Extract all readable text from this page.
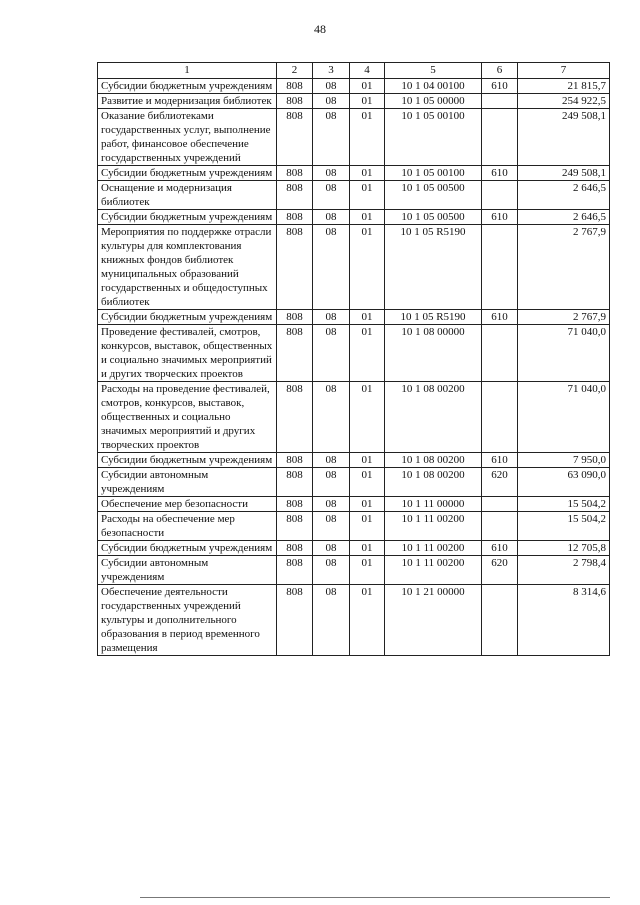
48
1	2	3	4	5	6	7
Субсидии бюджетным учреждениям	808	08	01	10 1 04 00100	610	21 815,7
Развитие и модернизация библиотек	808	08	01	10 1 05 00000		254 922,5
Оказание библиотеками государственных услуг, выполнение работ, финансовое обеспечение государственных учреждений	808	08	01	10 1 05 00100		249 508,1
Субсидии бюджетным учреждениям	808	08	01	10 1 05 00100	610	249 508,1
Оснащение и модернизация библиотек	808	08	01	10 1 05 00500		2 646,5
Субсидии бюджетным учреждениям	808	08	01	10 1 05 00500	610	2 646,5
Мероприятия по поддержке отрасли культуры для комплектования книжных фондов библиотек муниципальных образований государственных и общедоступных библиотек	808	08	01	10 1 05 R5190		2 767,9
Субсидии бюджетным учреждениям	808	08	01	10 1 05 R5190	610	2 767,9
Проведение фестивалей, смотров, конкурсов, выставок, общественных и социально значимых мероприятий и других творческих проектов	808	08	01	10 1 08 00000		71 040,0
Расходы на проведение фестивалей, смотров, конкурсов, выставок, общественных и социально значимых мероприятий и других творческих проектов	808	08	01	10 1 08 00200		71 040,0
Субсидии бюджетным учреждениям	808	08	01	10 1 08 00200	610	7 950,0
Субсидии автономным учреждениям	808	08	01	10 1 08 00200	620	63 090,0
Обеспечение мер безопасности	808	08	01	10 1 11 00000		15 504,2
Расходы на обеспечение мер безопасности	808	08	01	10 1 11 00200		15 504,2
Субсидии бюджетным учреждениям	808	08	01	10 1 11 00200	610	12 705,8
Субсидии автономным учреждениям	808	08	01	10 1 11 00200	620	2 798,4
Обеспечение деятельности государственных учреждений культуры и дополнительного образования в период временного размещения	808	08	01	10 1 21 00000		8 314,6
